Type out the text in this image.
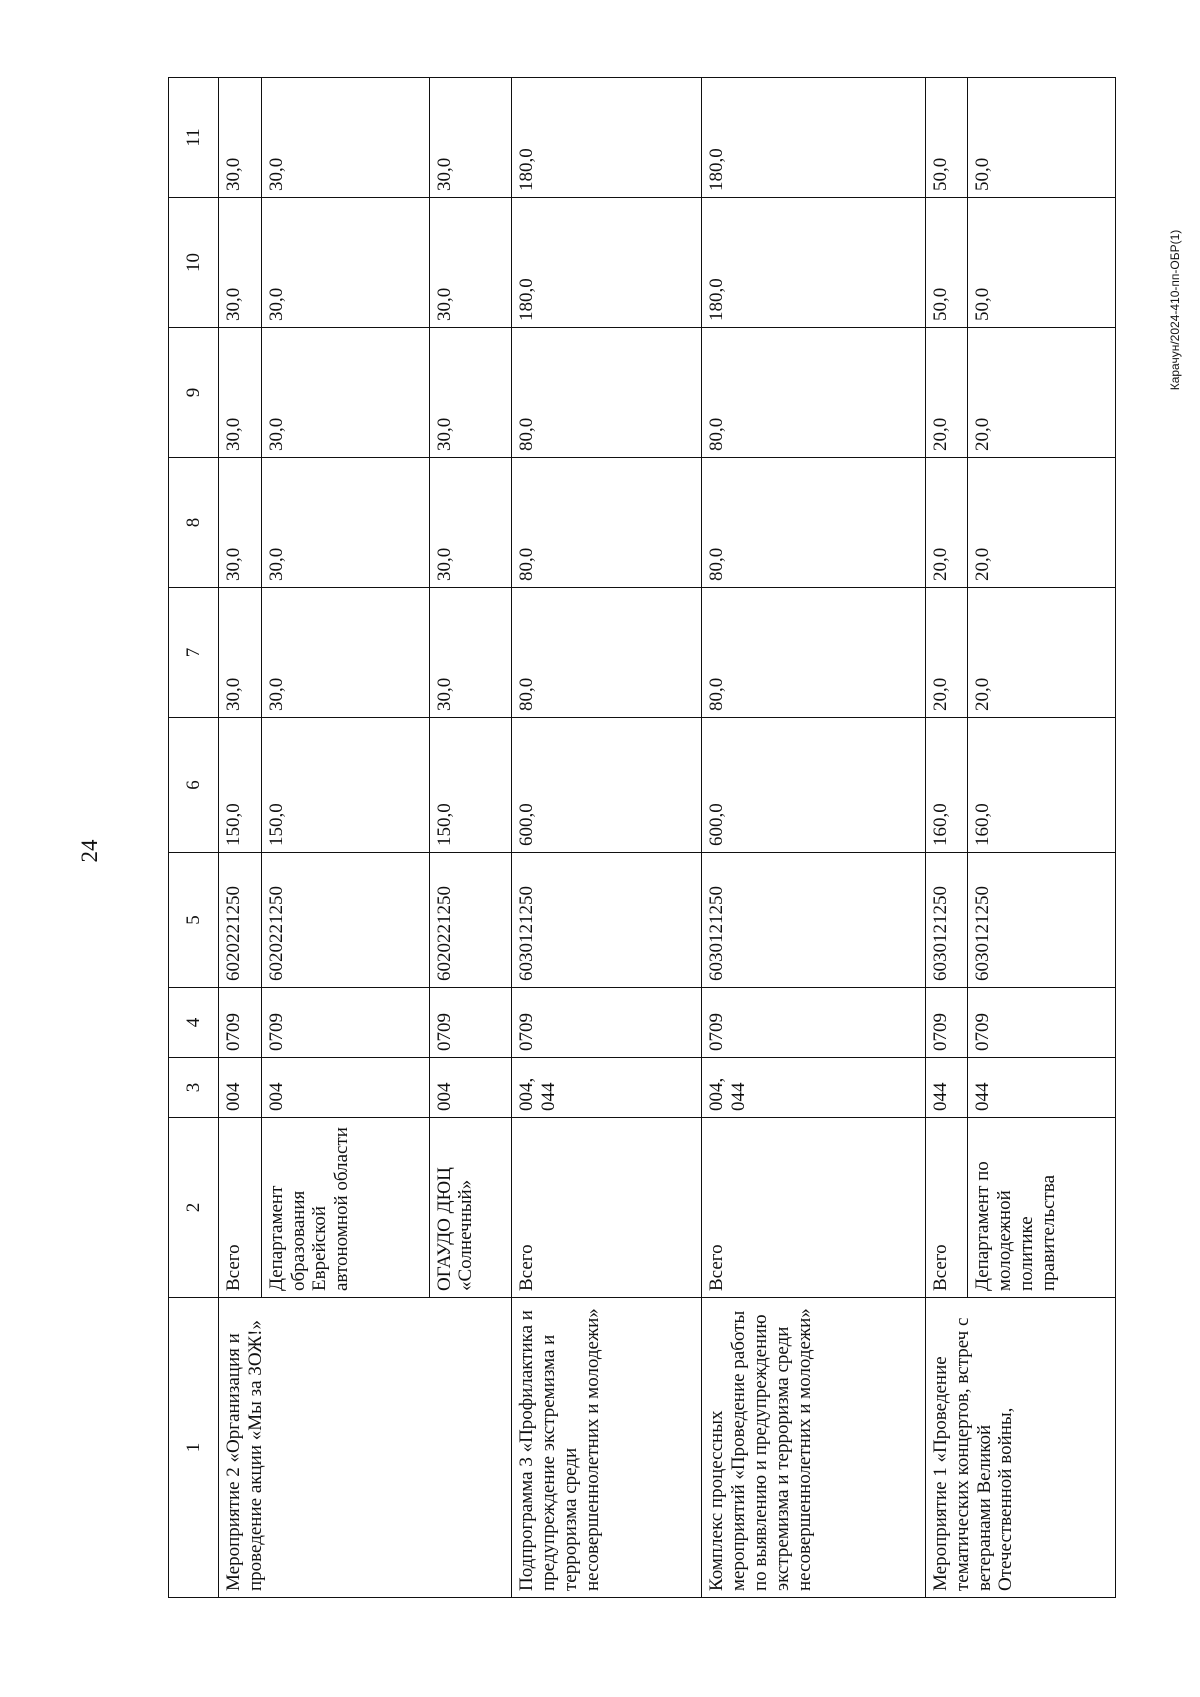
24
Карачун/2024-410-пп-ОБР(1)
1	2	3	4	5	6	7	8	9	10	11
Мероприятие 2 «Организация и проведение акции «Мы за ЗОЖ!»	Всего	004	0709	6020221250	150,0	30,0	30,0	30,0	30,0	30,0
	Департамент образования Еврейской автономной области	004	0709	6020221250	150,0	30,0	30,0	30,0	30,0	30,0
	ОГАУДО ДЮЦ «Солнечный»	004	0709	6020221250	150,0	30,0	30,0	30,0	30,0	30,0
Подпрограмма 3 «Профилактика и предупреждение экстремизма и терроризма среди несовершеннолетних и молодежи»	Всего	004, 044	0709	6030121250	600,0	80,0	80,0	80,0	180,0	180,0
Комплекс процессных мероприятий «Проведение работы по выявлению и предупреждению экстремизма и терроризма среди несовершеннолетних и молодежи»	Всего	004, 044	0709	6030121250	600,0	80,0	80,0	80,0	180,0	180,0
Мероприятие 1 «Проведение тематических концертов, встреч с ветеранами Великой Отечественной войны,	Всего	044	0709	6030121250	160,0	20,0	20,0	20,0	50,0	50,0
	Департамент по молодежной политике правительства	044	0709	6030121250	160,0	20,0	20,0	20,0	50,0	50,0
